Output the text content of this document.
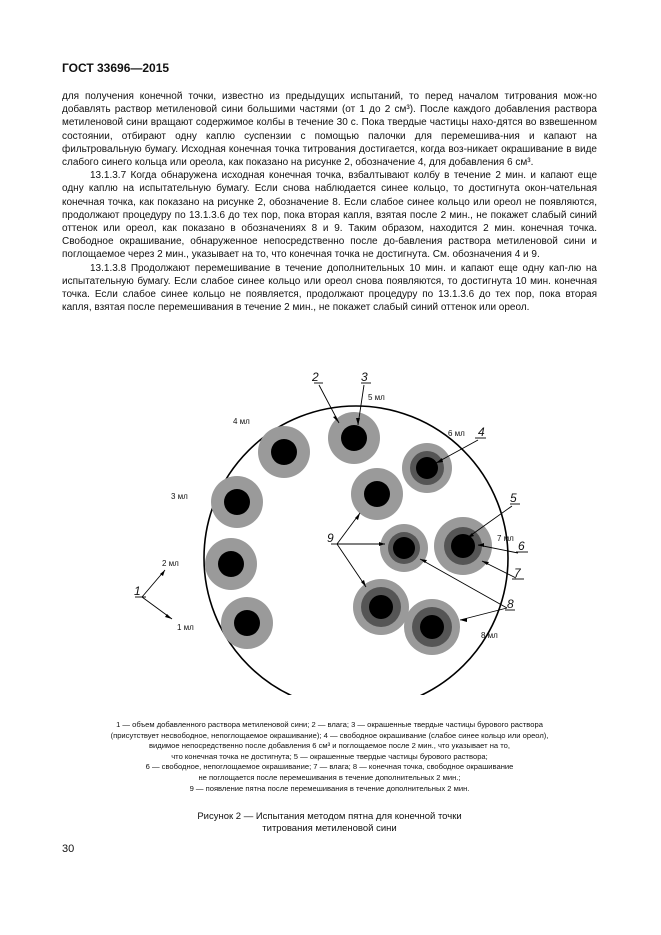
ГОСТ 33696—2015

для получения конечной точки, известно из предыдущих испытаний, то перед началом титрования мож-но добавлять раствор метиленовой сини большими частями (от 1 до 2 см³). После каждого добавления раствора метиленовой сини вращают содержимое колбы в течение 30 с. Пока твердые частицы нахо-дятся во взвешенном состоянии, отбирают одну каплю суспензии с помощью палочки для перемешива-ния и капают на фильтровальную бумагу. Исходная конечная точка титрования достигается, когда воз-никает окрашивание в виде слабого синего кольца или ореола, как показано на рисунке 2, обозначение 4, для добавления 6 см³.

13.1.3.7 Когда обнаружена исходная конечная точка, взбалтывают колбу в течение 2 мин. и капают еще одну каплю на испытательную бумагу. Если снова наблюдается синее кольцо, то достигнута окон-чательная конечная точка, как показано на рисунке 2, обозначение 8. Если слабое синее кольцо или ореол не появляются, продолжают процедуру по 13.1.3.6 до тех пор, пока вторая капля, взятая после 2 мин., не покажет слабый синий оттенок или ореол, как показано в обозначениях 8 и 9. Таким образом, находится 2 мин. конечная точка. Свободное окрашивание, обнаруженное непосредственно после до-бавления раствора метиленовой сини и поглощаемое через 2 мин., указывает на то, что конечная точка не достигнута. См. обозначения 4 и 9.

13.1.3.8 Продолжают перемешивание в течение дополнительных 10 мин. и капают еще одну кап-лю на испытательную бумагу. Если слабое синее кольцо или ореол снова появляются, то достигнута 10 мин. конечная точка. Если слабое синее кольцо не появляется, продолжают процедуру по 13.1.3.6 до тех пор, пока вторая капля, взятая после перемешивания в течение 2 мин., не покажет слабый синий оттенок или ореол.

1 мл
2 мл
3 мл
4 мл
5 мл
6 мл
7 мл
8 мл
1
2	3
4
5
6
7
8
9
1 — объем добавленного раствора метиленовой сини; 2 — влага; 3 — окрашенные твердые частицы бурового раствора
(присутствует несвободное, непоглощаемое окрашивание); 4 — свободное окрашивание (слабое синее кольцо или ореол),
видимое непосредственно после добавления 6 см³ и поглощаемое после 2 мин., что указывает на то,
что конечная точка не достигнута; 5 — окрашенные твердые частицы бурового раствора;
6 — свободное, непоглощаемое окрашивание; 7 — влага; 8 — конечная точка, свободное окрашивание
не поглощается после перемешивания в течение дополнительных 2 мин.;
9 — появление пятна после перемешивания в течение дополнительных 2 мин.
Рисунок 2 — Испытания методом пятна для конечной точки
титрования метиленовой сини
30
